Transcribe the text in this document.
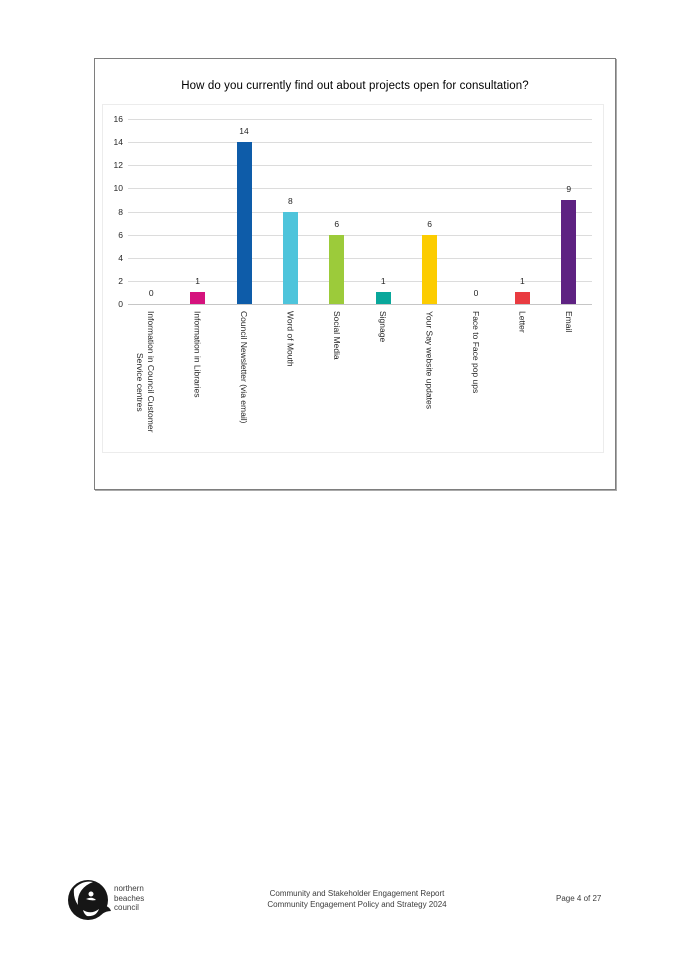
How do you currently find out about projects open for consultation?
0
2
4
6
8
10
12
14
16
0
Information in Council Customer
Service centres
1
Information in Libraries
14
Council Newsletter (via email)
8
Word of Mouth
6
Social Media
1
Signage
6
Your Say website updates
0
Face to Face pop ups
1
Letter
9
Email
northern
beaches
council
Community and Stakeholder Engagement Report
Community Engagement Policy and Strategy 2024
Page 4 of 27
